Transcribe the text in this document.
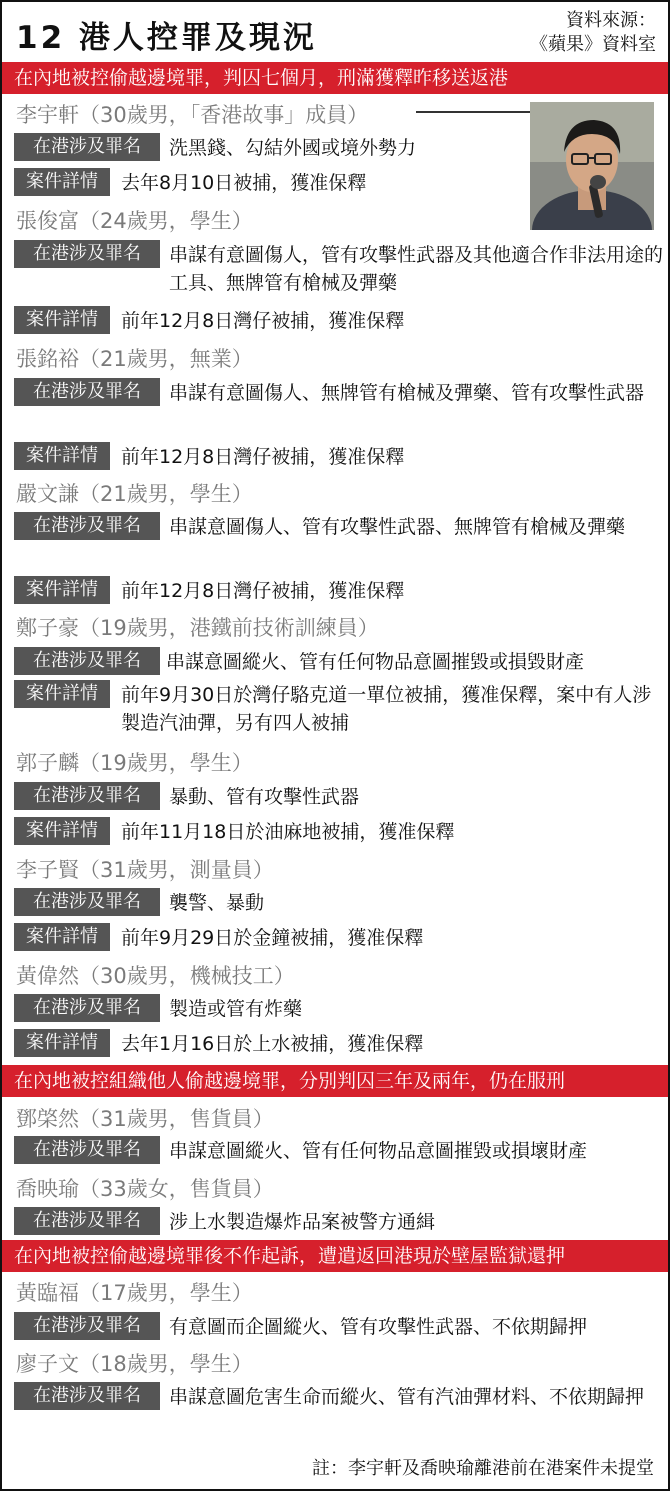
12 港人控罪及現況	資料來源：
《蘋果》資料室
在內地被控偷越邊境罪，判囚七個月，刑滿獲釋昨移送返港
李宇軒（30歲男，「香港故事」成員）
在港涉及罪名	洗黑錢、勾結外國或境外勢力
案件詳情	去年8月10日被捕，獲准保釋
張俊富（24歲男，學生）
在港涉及罪名	串謀有意圖傷人，管有攻擊性武器及其他適合作非法用途的工具、無牌管有槍械及彈藥
案件詳情	前年12月8日灣仔被捕，獲准保釋
張銘裕（21歲男，無業）
在港涉及罪名	串謀有意圖傷人、無牌管有槍械及彈藥、管有攻擊性武器
案件詳情	前年12月8日灣仔被捕，獲准保釋
嚴文謙（21歲男，學生）
在港涉及罪名	串謀意圖傷人、管有攻擊性武器、無牌管有槍械及彈藥
案件詳情	前年12月8日灣仔被捕，獲准保釋
鄭子豪（19歲男，港鐵前技術訓練員）
在港涉及罪名	串謀意圖縱火、管有任何物品意圖摧毀或損毀財產
案件詳情	前年9月30日於灣仔駱克道一單位被捕，獲准保釋，案中有人涉製造汽油彈，另有四人被捕
郭子麟（19歲男，學生）
在港涉及罪名	暴動、管有攻擊性武器
案件詳情	前年11月18日於油麻地被捕，獲准保釋
李子賢（31歲男，測量員）
在港涉及罪名	襲警、暴動
案件詳情	前年9月29日於金鐘被捕，獲准保釋
黃偉然（30歲男，機械技工）
在港涉及罪名	製造或管有炸藥
案件詳情	去年1月16日於上水被捕，獲准保釋
在內地被控組織他人偷越邊境罪，分別判囚三年及兩年，仍在服刑
鄧棨然（31歲男，售貨員）
在港涉及罪名	串謀意圖縱火、管有任何物品意圖摧毀或損壞財產
喬映瑜（33歲女，售貨員）
在港涉及罪名	涉上水製造爆炸品案被警方通緝
在內地被控偷越邊境罪後不作起訴，遭遣返回港現於壁屋監獄還押
黃臨福（17歲男，學生）
在港涉及罪名	有意圖而企圖縱火、管有攻擊性武器、不依期歸押
廖子文（18歲男，學生）
在港涉及罪名	串謀意圖危害生命而縱火、管有汽油彈材料、不依期歸押
註：李宇軒及喬映瑜離港前在港案件未提堂
